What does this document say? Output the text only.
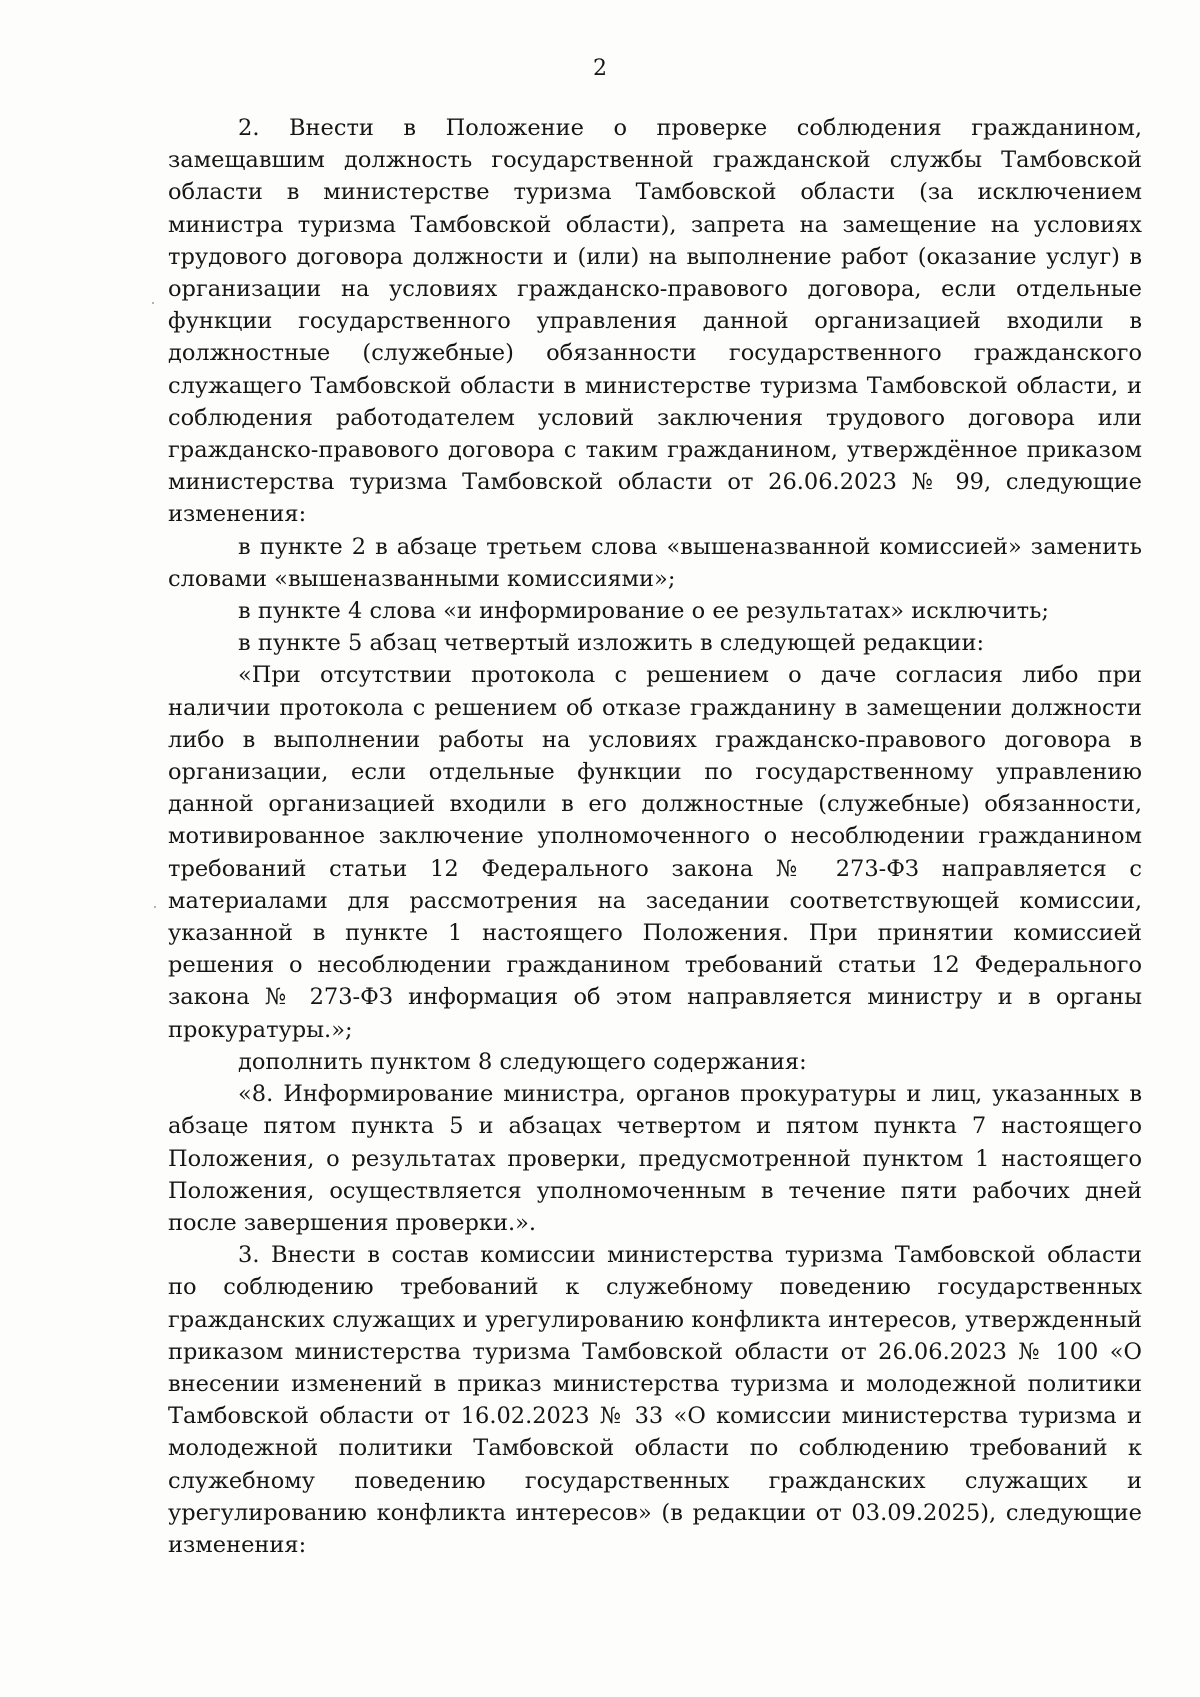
2

2. Внести в Положение о проверке соблюдения гражданином, замещавшим должность государственной гражданской службы Тамбовской области в министерстве туризма Тамбовской области (за исключением министра туризма Тамбовской области), запрета на замещение на условиях трудового договора должности и (или) на выполнение работ (оказание услуг) в организации на условиях гражданско-правового договора, если отдельные функции государственного управления данной организацией входили в должностные (служебные) обязанности государственного гражданского служащего Тамбовской области в министерстве туризма Тамбовской области, и соблюдения работодателем условий заключения трудового договора или гражданско-правового договора с таким гражданином, утверждённое приказом министерства туризма Тамбовской области от 26.06.2023 № 99, следующие изменения:

в пункте 2 в абзаце третьем слова «вышеназванной комиссией» заменить словами «вышеназванными комиссиями»;

в пункте 4 слова «и информирование о ее результатах» исключить;

в пункте 5 абзац четвертый изложить в следующей редакции:

«При отсутствии протокола с решением о даче согласия либо при наличии протокола с решением об отказе гражданину в замещении должности либо в выполнении работы на условиях гражданско-правового договора в организации, если отдельные функции по государственному управлению данной организацией входили в его должностные (служебные) обязанности, мотивированное заключение уполномоченного о несоблюдении гражданином требований статьи 12 Федерального закона № 273-ФЗ направляется с материалами для рассмотрения на заседании соответствующей комиссии, указанной в пункте 1 настоящего Положения. При принятии комиссией решения о несоблюдении гражданином требований статьи 12 Федерального закона № 273-ФЗ информация об этом направляется министру и в органы прокуратуры.»;

дополнить пунктом 8 следующего содержания:

«8. Информирование министра, органов прокуратуры и лиц, указанных в абзаце пятом пункта 5 и абзацах четвертом и пятом пункта 7 настоящего Положения, о результатах проверки, предусмотренной пунктом 1 настоящего Положения, осуществляется уполномоченным в течение пяти рабочих дней после завершения проверки.».

3. Внести в состав комиссии министерства туризма Тамбовской области по соблюдению требований к служебному поведению государственных гражданских служащих и урегулированию конфликта интересов, утвержденный приказом министерства туризма Тамбовской области от 26.06.2023 № 100 «О внесении изменений в приказ министерства туризма и молодежной политики Тамбовской области от 16.02.2023 № 33 «О комиссии министерства туризма и молодежной политики Тамбовской области по соблюдению требований к служебному поведению государственных гражданских служащих и урегулированию конфликта интересов» (в редакции от 03.09.2025), следующие изменения:
